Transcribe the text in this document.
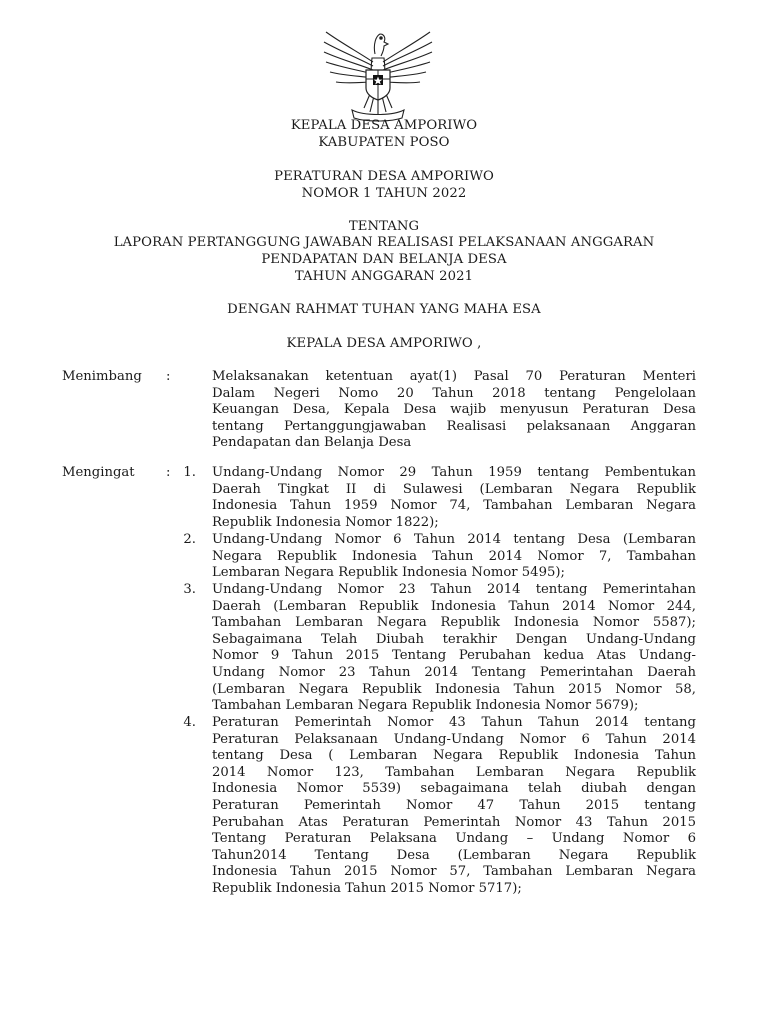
KEPALA DESA AMPORIWO
KABUPATEN POSO
PERATURAN DESA AMPORIWO
NOMOR 1 TAHUN 2022
TENTANG
LAPORAN PERTANGGUNG JAWABAN REALISASI PELAKSANAAN ANGGARAN
PENDAPATAN DAN BELANJA DESA
TAHUN ANGGARAN 2021
DENGAN RAHMAT TUHAN YANG MAHA ESA
KEPALA DESA AMPORIWO ,
Menimbang :	Melaksanakan ketentuan ayat(1) Pasal 70 Peraturan Menteri
Dalam Negeri Nomo 20 Tahun 2018 tentang Pengelolaan
Keuangan Desa, Kepala Desa wajib menyusun Peraturan Desa
tentang Pertanggungjawaban Realisasi pelaksanaan Anggaran
Pendapatan dan Belanja Desa
Mengingat : 1. Undang-Undang Nomor 29 Tahun 1959 tentang Pembentukan
Daerah Tingkat II di Sulawesi (Lembaran Negara Republik
Indonesia Tahun 1959 Nomor 74, Tambahan Lembaran Negara
Republik Indonesia Nomor 1822);
2. Undang-Undang Nomor 6 Tahun 2014 tentang Desa (Lembaran
Negara Republik Indonesia Tahun 2014 Nomor 7, Tambahan
Lembaran Negara Republik Indonesia Nomor 5495);
3. Undang-Undang Nomor 23 Tahun 2014 tentang Pemerintahan
Daerah (Lembaran Republik Indonesia Tahun 2014 Nomor 244,
Tambahan Lembaran Negara Republik Indonesia Nomor 5587);
Sebagaimana Telah Diubah terakhir Dengan Undang-Undang
Nomor 9 Tahun 2015 Tentang Perubahan kedua Atas Undang-
Undang Nomor 23 Tahun 2014 Tentang Pemerintahan Daerah
(Lembaran Negara Republik Indonesia Tahun 2015 Nomor 58,
Tambahan Lembaran Negara Republik Indonesia Nomor 5679);
4. Peraturan Pemerintah Nomor 43 Tahun Tahun 2014 tentang
Peraturan Pelaksanaan Undang-Undang Nomor 6 Tahun 2014
tentang Desa ( Lembaran Negara Republik Indonesia Tahun
2014 Nomor 123, Tambahan Lembaran Negara Republik
Indonesia Nomor 5539) sebagaimana telah diubah dengan
Peraturan Pemerintah Nomor 47 Tahun 2015 tentang
Perubahan Atas Peraturan Pemerintah Nomor 43 Tahun 2015
Tentang Peraturan Pelaksana Undang – Undang Nomor 6
Tahun2014 Tentang Desa (Lembaran Negara Republik
Indonesia Tahun 2015 Nomor 57, Tambahan Lembaran Negara
Republik Indonesia Tahun 2015 Nomor 5717);
